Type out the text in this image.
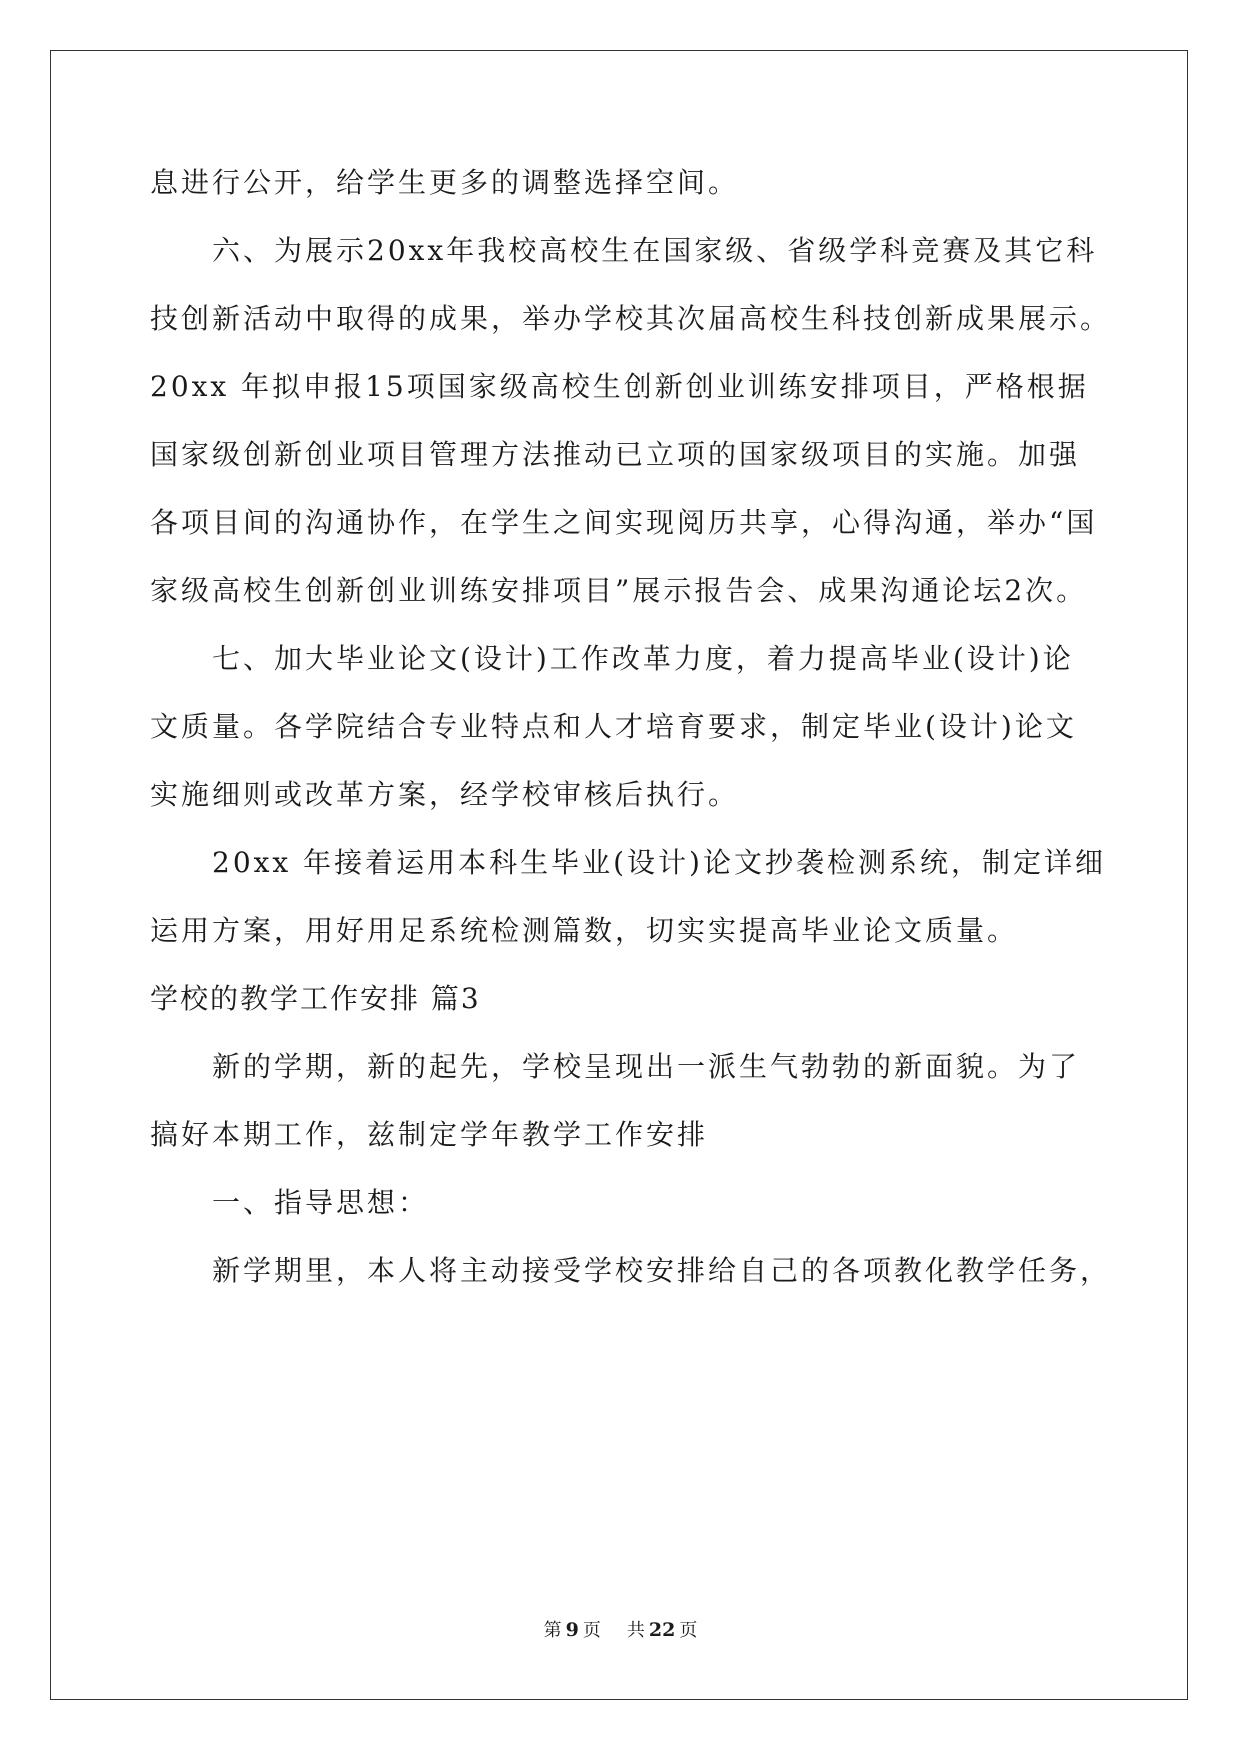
息进行公开，给学生更多的调整选择空间。
六、为展示20xx年我校高校生在国家级、省级学科竞赛及其它科
技创新活动中取得的成果，举办学校其次届高校生科技创新成果展示。
20xx 年拟申报15项国家级高校生创新创业训练安排项目，严格根据
国家级创新创业项目管理方法推动已立项的国家级项目的实施。加强
各项目间的沟通协作，在学生之间实现阅历共享，心得沟通，举办“国
家级高校生创新创业训练安排项目”展示报告会、成果沟通论坛2次。
七、加大毕业论文(设计)工作改革力度，着力提高毕业(设计)论
文质量。各学院结合专业特点和人才培育要求，制定毕业(设计)论文
实施细则或改革方案，经学校审核后执行。
20xx 年接着运用本科生毕业(设计)论文抄袭检测系统，制定详细
运用方案，用好用足系统检测篇数，切实实提高毕业论文质量。
学校的教学工作安排 篇3
新的学期，新的起先，学校呈现出一派生气勃勃的新面貌。为了
搞好本期工作，兹制定学年教学工作安排
一、指导思想：
新学期里，本人将主动接受学校安排给自己的各项教化教学任务，
第 9 页 共 22 页
